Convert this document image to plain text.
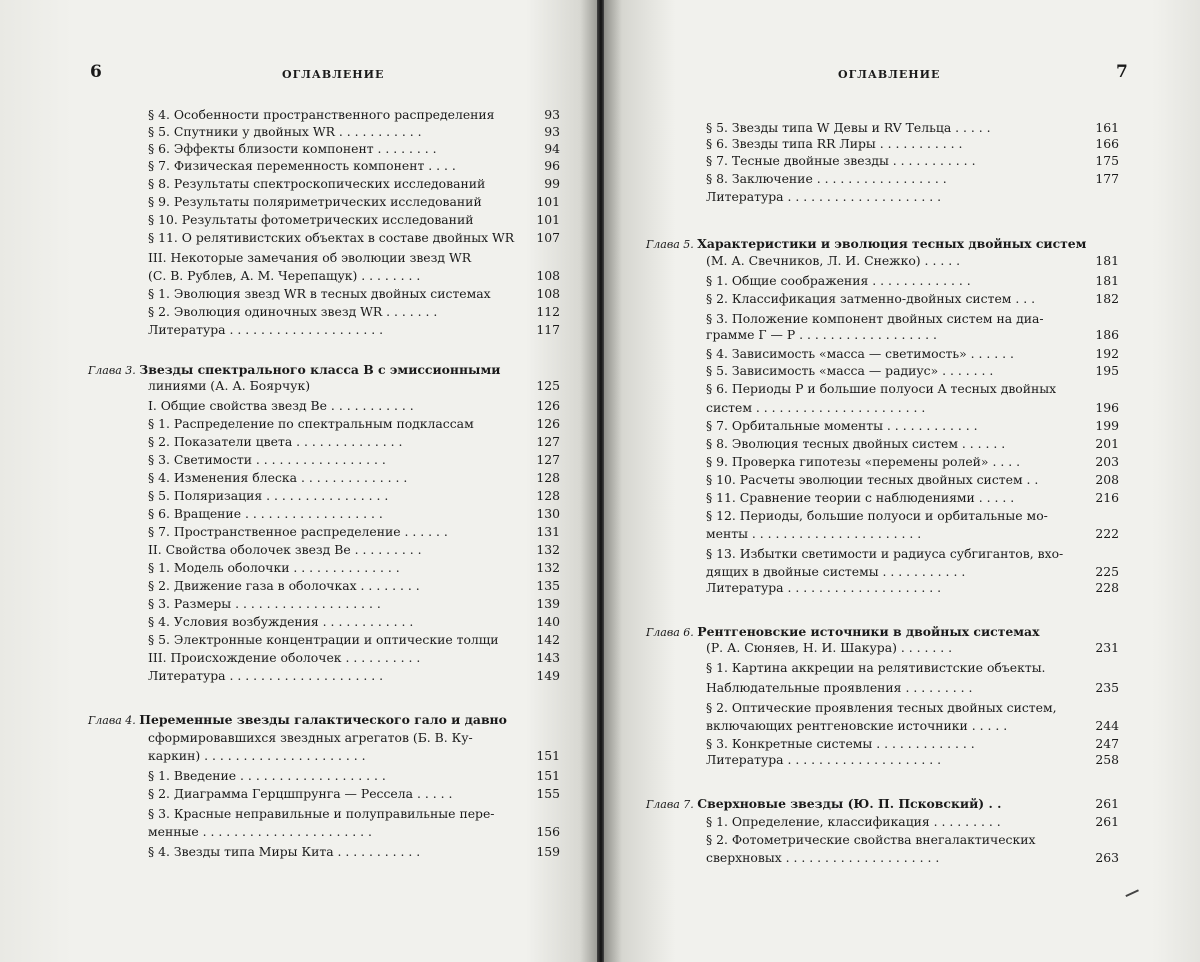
6	ОГЛАВЛЕНИЕ
§ 4. Особенности пространственного распределения	93
§ 5. Спутники у двойных WR . . . . . . . . . . .	93
§ 6. Эффекты близости компонент . . . . . . . .	94
§ 7. Физическая переменность компонент . . . .	96
§ 8. Результаты спектроскопических исследований	99
§ 9. Результаты поляриметрических исследований	101
§ 10. Результаты фотометрических исследований	101
§ 11. О релятивистских объектах в составе двойных WR	107
III. Некоторые замечания об эволюции звезд WR
(С. В. Рублев, А. М. Черепащук) . . . . . . . .	108
§ 1. Эволюция звезд WR в тесных двойных системах	108
§ 2. Эволюция одиночных звезд WR . . . . . . .	112
Литература . . . . . . . . . . . . . . . . . . . .	117
Глава 3. Звезды спектрального класса B с эмиссионными
линиями (А. А. Боярчук)	125
I. Общие свойства звезд Be . . . . . . . . . . .	126
§ 1. Распределение по спектральным подклассам	126
§ 2. Показатели цвета . . . . . . . . . . . . . .	127
§ 3. Светимости . . . . . . . . . . . . . . . . .	127
§ 4. Изменения блеска . . . . . . . . . . . . . .	128
§ 5. Поляризация . . . . . . . . . . . . . . . .	128
§ 6. Вращение . . . . . . . . . . . . . . . . . .	130
§ 7. Пространственное распределение . . . . . .	131
II. Свойства оболочек звезд Be . . . . . . . . .	132
§ 1. Модель оболочки . . . . . . . . . . . . . .	132
§ 2. Движение газа в оболочках . . . . . . . .	135
§ 3. Размеры . . . . . . . . . . . . . . . . . . .	139
§ 4. Условия возбуждения . . . . . . . . . . . .	140
§ 5. Электронные концентрации и оптические толщи	142
III. Происхождение оболочек . . . . . . . . . .	143
Литература . . . . . . . . . . . . . . . . . . . .	149
Глава 4. Переменные звезды галактического гало и давно
сформировавшихся звездных агрегатов (Б. В. Ку-
каркин) . . . . . . . . . . . . . . . . . . . . .	151
§ 1. Введение . . . . . . . . . . . . . . . . . . .	151
§ 2. Диаграмма Герцшпрунга — Рессела . . . . .	155
§ 3. Красные неправильные и полуправильные пере-
менные . . . . . . . . . . . . . . . . . . . . . .	156
§ 4. Звезды типа Миры Кита . . . . . . . . . . .	159
7
ОГЛАВЛЕНИЕ
§ 5. Звезды типа W Девы и RV Тельца . . . . .	161
§ 6. Звезды типа RR Лиры . . . . . . . . . . .	166
§ 7. Тесные двойные звезды . . . . . . . . . . .	175
§ 8. Заключение . . . . . . . . . . . . . . . . .	177
Литература . . . . . . . . . . . . . . . . . . . .
Глава 5. Характеристики и эволюция тесных двойных систем
(М. А. Свечников, Л. И. Снежко) . . . . .	181
§ 1. Общие соображения . . . . . . . . . . . . .	181
§ 2. Классификация затменно-двойных систем . . .	182
§ 3. Положение компонент двойных систем на диа-
грамме Г — Р . . . . . . . . . . . . . . . . . .	186
§ 4. Зависимость «масса — светимость» . . . . . .	192
§ 5. Зависимость «масса — радиус» . . . . . . .	195
§ 6. Периоды P и большие полуоси A тесных двойных
систем . . . . . . . . . . . . . . . . . . . . . .	196
§ 7. Орбитальные моменты . . . . . . . . . . . .	199
§ 8. Эволюция тесных двойных систем . . . . . .	201
§ 9. Проверка гипотезы «перемены ролей» . . . .	203
§ 10. Расчеты эволюции тесных двойных систем . .	208
§ 11. Сравнение теории с наблюдениями . . . . .	216
§ 12. Периоды, большие полуоси и орбитальные мо-
менты . . . . . . . . . . . . . . . . . . . . . .	222
§ 13. Избытки светимости и радиуса субгигантов, вхо-
дящих в двойные системы . . . . . . . . . . .	225
Литература . . . . . . . . . . . . . . . . . . . .	228
Глава 6. Рентгеновские источники в двойных системах
(Р. А. Сюняев, Н. И. Шакура) . . . . . . .	231
§ 1. Картина аккреции на релятивистские объекты.
Наблюдательные проявления . . . . . . . . .	235
§ 2. Оптические проявления тесных двойных систем,
включающих рентгеновские источники . . . . .	244
§ 3. Конкретные системы . . . . . . . . . . . . .	247
Литература . . . . . . . . . . . . . . . . . . . .	258
Глава 7. Сверхновые звезды (Ю. П. Псковский) . .	261
§ 1. Определение, классификация . . . . . . . . .	261
§ 2. Фотометрические свойства внегалактических
сверхновых . . . . . . . . . . . . . . . . . . . .	263
